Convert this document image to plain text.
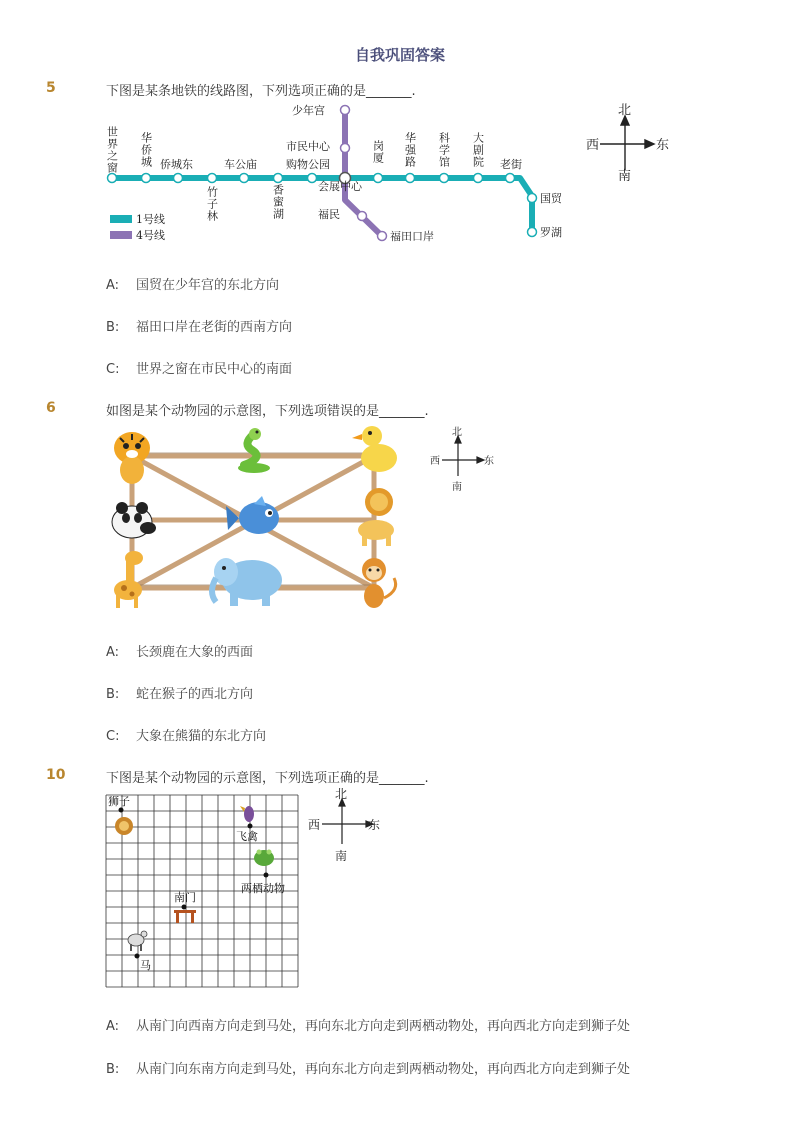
自我巩固答案
5	下图是某条地铁的线路图，下列选项正确的是_______.
世界之窗 华侨城 侨城东
竹子林
车公庙
香蜜湖
购物公园
会展中心
岗厦 华强路 科学馆 大剧院 老街
国贸
罗湖
少年宫
市民中心
福民
福田口岸
1号线
4号线
北
东
西
南
A: 国贸在少年宫的东北方向
B: 福田口岸在老街的西南方向
C: 世界之窗在市民中心的南面
6	如图是某个动物园的示意图，下列选项错误的是_______.
北
东
西
南
A: 长颈鹿在大象的西面
B: 蛇在猴子的西北方向
C: 大象在熊猫的东北方向
10	下图是某个动物园的示意图，下列选项正确的是_______.
狮子
飞禽
两栖动物
南门
马
北
东
西
南
A: 从南门向西南方向走到马处，再向东北方向走到两栖动物处，再向西北方向走到狮子处
B: 从南门向东南方向走到马处，再向东北方向走到两栖动物处，再向西北方向走到狮子处
